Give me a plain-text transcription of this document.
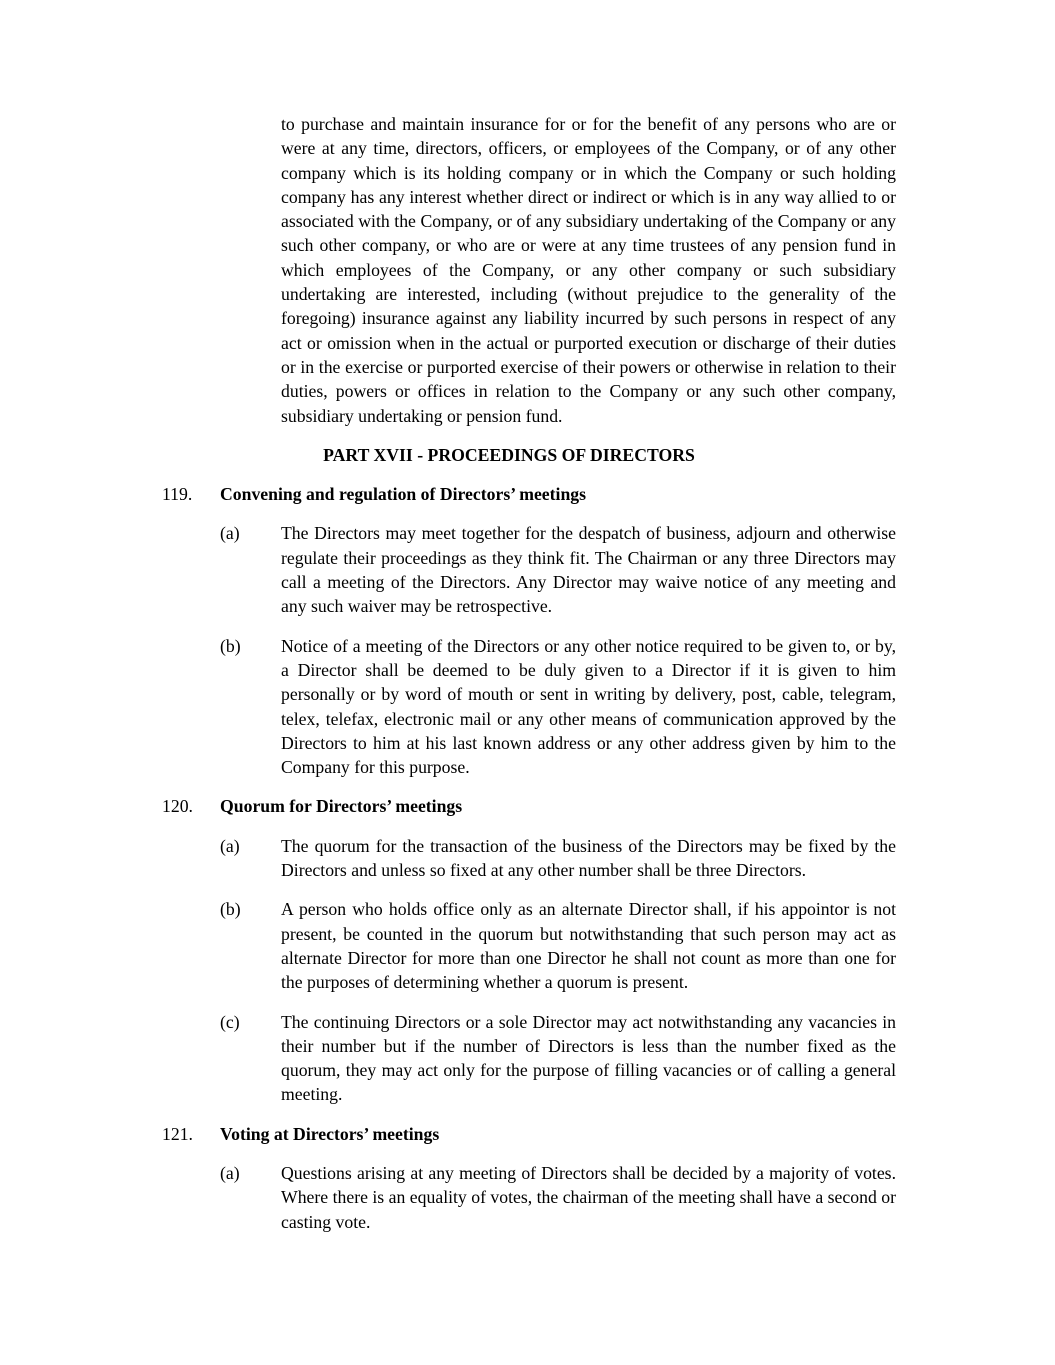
to purchase and maintain insurance for or for the benefit of any persons who are or were at any time, directors, officers, or employees of the Company, or of any other company which is its holding company or in which the Company or such holding company has any interest whether direct or indirect or which is in any way allied to or associated with the Company, or of any subsidiary undertaking of the Company or any such other company, or who are or were at any time trustees of any pension fund in which employees of the Company, or any other company or such subsidiary undertaking are interested, including (without prejudice to the generality of the foregoing) insurance against any liability incurred by such persons in respect of any act or omission when in the actual or purported execution or discharge of their duties or in the exercise or purported exercise of their powers or otherwise in relation to their duties, powers or offices in relation to the Company or any such other company, subsidiary undertaking or pension fund.

PART XVII - PROCEEDINGS OF DIRECTORS
119.	Convening and regulation of Directors’ meetings
(a)	The Directors may meet together for the despatch of business, adjourn and otherwise regulate their proceedings as they think fit. The Chairman or any three Directors may call a meeting of the Directors. Any Director may waive notice of any meeting and any such waiver may be retrospective.
(b)	Notice of a meeting of the Directors or any other notice required to be given to, or by, a Director shall be deemed to be duly given to a Director if it is given to him personally or by word of mouth or sent in writing by delivery, post, cable, telegram, telex, telefax, electronic mail or any other means of communication approved by the Directors to him at his last known address or any other address given by him to the Company for this purpose.
120.	Quorum for Directors’ meetings
(a)	The quorum for the transaction of the business of the Directors may be fixed by the Directors and unless so fixed at any other number shall be three Directors.
(b)	A person who holds office only as an alternate Director shall, if his appointor is not present, be counted in the quorum but notwithstanding that such person may act as alternate Director for more than one Director he shall not count as more than one for the purposes of determining whether a quorum is present.
(c)	The continuing Directors or a sole Director may act notwithstanding any vacancies in their number but if the number of Directors is less than the number fixed as the quorum, they may act only for the purpose of filling vacancies or of calling a general meeting.
121.	Voting at Directors’ meetings
(a)	Questions arising at any meeting of Directors shall be decided by a majority of votes. Where there is an equality of votes, the chairman of the meeting shall have a second or casting vote.
